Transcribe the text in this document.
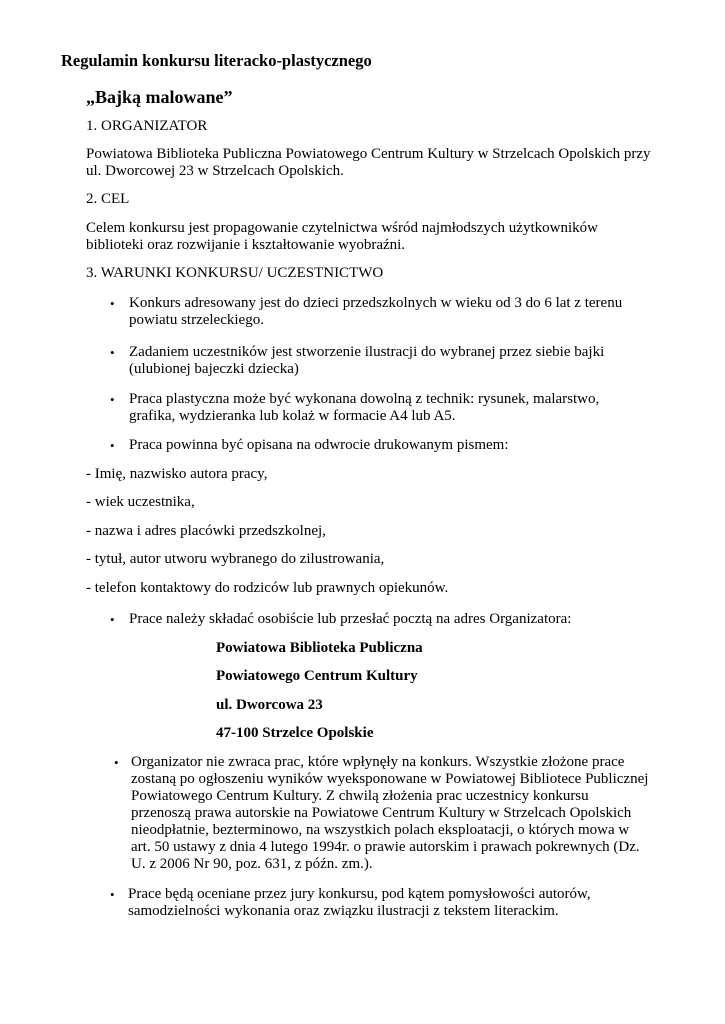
Regulamin konkursu literacko-plastycznego
„Bajką malowane”
1. ORGANIZATOR
Powiatowa Biblioteka Publiczna Powiatowego Centrum Kultury w Strzelcach Opolskich przy
ul. Dworcowej 23 w Strzelcach Opolskich.
2. CEL
Celem konkursu jest propagowanie czytelnictwa wśród najmłodszych użytkowników
biblioteki oraz rozwijanie i kształtowanie wyobraźni.
3. WARUNKI KONKURSU/ UCZESTNICTWO
• Konkurs adresowany jest do dzieci przedszkolnych w wieku od 3 do 6 lat z terenu
powiatu strzeleckiego.
• Zadaniem uczestników jest stworzenie ilustracji do wybranej przez siebie bajki
(ulubionej bajeczki dziecka)
• Praca plastyczna może być wykonana dowolną z technik: rysunek, malarstwo,
grafika, wydzieranka lub kolaż w formacie A4 lub A5.
• Praca powinna być opisana na odwrocie drukowanym pismem:
- Imię, nazwisko autora pracy,
- wiek uczestnika,
- nazwa i adres placówki przedszkolnej,
- tytuł, autor utworu wybranego do zilustrowania,
- telefon kontaktowy do rodziców lub prawnych opiekunów.
• Prace należy składać osobiście lub przesłać pocztą na adres Organizatora:
Powiatowa Biblioteka Publiczna
Powiatowego Centrum Kultury
ul. Dworcowa 23
47-100 Strzelce Opolskie
• Organizator nie zwraca prac, które wpłynęły na konkurs. Wszystkie złożone prace
zostaną po ogłoszeniu wyników wyeksponowane w Powiatowej Bibliotece Publicznej
Powiatowego Centrum Kultury. Z chwilą złożenia prac uczestnicy konkursu
przenoszą prawa autorskie na Powiatowe Centrum Kultury w Strzelcach Opolskich
nieodpłatnie, bezterminowo, na wszystkich polach eksploatacji, o których mowa w
art. 50 ustawy z dnia 4 lutego 1994r. o prawie autorskim i prawach pokrewnych (Dz.
U. z 2006 Nr 90, poz. 631, z późn. zm.).
• Prace będą oceniane przez jury konkursu, pod kątem pomysłowości autorów,
samodzielności wykonania oraz związku ilustracji z tekstem literackim.
